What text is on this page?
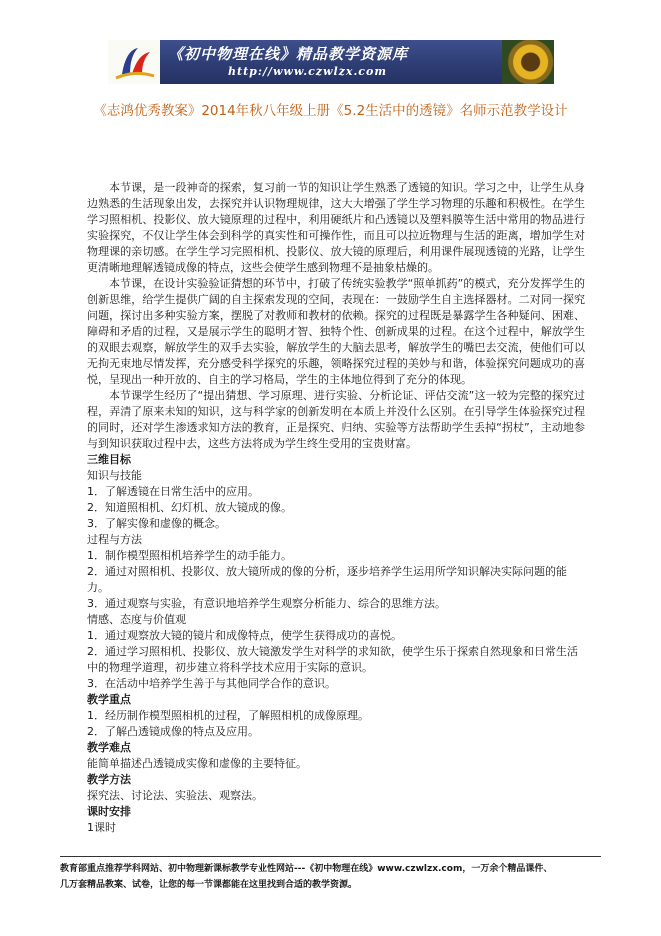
《初中物理在线》精品教学资源库
http://www.czwlzx.com
《志鸿优秀教案》2014年秋八年级上册《5.2生活中的透镜》名师示范教学设计

本节课，是一段神奇的探索，复习前一节的知识让学生熟悉了透镜的知识。学习之中，让学生从身边熟悉的生活现象出发，去探究并认识物理规律，这大大增强了学生学习物理的乐趣和积极性。在学生学习照相机、投影仪、放大镜原理的过程中，利用硬纸片和凸透镜以及塑料膜等生活中常用的物品进行实验探究，不仅让学生体会到科学的真实性和可操作性，而且可以拉近物理与生活的距离，增加学生对物理课的亲切感。在学生学习完照相机、投影仪、放大镜的原理后，利用课件展现透镜的光路，让学生更清晰地理解透镜成像的特点，这些会使学生感到物理不是抽象枯燥的。

本节课，在设计实验验证猜想的环节中，打破了传统实验教学“照单抓药”的模式，充分发挥学生的创新思维，给学生提供广阔的自主探索发现的空间，表现在：一鼓励学生自主选择器材。二对同一探究问题，探讨出多种实验方案，摆脱了对教师和教材的依赖。探究的过程既是暴露学生各种疑问、困难、障碍和矛盾的过程，又是展示学生的聪明才智、独特个性、创新成果的过程。在这个过程中，解放学生的双眼去观察，解放学生的双手去实验，解放学生的大脑去思考，解放学生的嘴巴去交流，使他们可以无拘无束地尽情发挥，充分感受科学探究的乐趣，领略探究过程的美妙与和谐，体验探究问题成功的喜悦，呈现出一种开放的、自主的学习格局，学生的主体地位得到了充分的体现。

本节课学生经历了“提出猜想、学习原理、进行实验、分析论证、评估交流”这一较为完整的探究过程，弄清了原来未知的知识，这与科学家的创新发明在本质上并没什么区别。在引导学生体验探究过程的同时，还对学生渗透求知方法的教育，正是探究、归纳、实验等方法帮助学生丢掉“拐杖”，主动地参与到知识获取过程中去，这些方法将成为学生终生受用的宝贵财富。

三维目标

知识与技能

1．了解透镜在日常生活中的应用。

2．知道照相机、幻灯机、放大镜成的像。

3．了解实像和虚像的概念。

过程与方法

1．制作模型照相机培养学生的动手能力。

2．通过对照相机、投影仪、放大镜所成的像的分析，逐步培养学生运用所学知识解决实际问题的能力。

3．通过观察与实验，有意识地培养学生观察分析能力、综合的思维方法。

情感、态度与价值观

1．通过观察放大镜的镜片和成像特点，使学生获得成功的喜悦。

2．通过学习照相机、投影仪、放大镜激发学生对科学的求知欲，使学生乐于探索自然现象和日常生活中的物理学道理，初步建立将科学技术应用于实际的意识。

3．在活动中培养学生善于与其他同学合作的意识。

教学重点

1．经历制作模型照相机的过程，了解照相机的成像原理。

2．了解凸透镜成像的特点及应用。

教学难点

能简单描述凸透镜成实像和虚像的主要特征。

教学方法

探究法、讨论法、实验法、观察法。

课时安排

1课时

教育部重点推荐学科网站、初中物理新课标教学专业性网站---《初中物理在线》www.czwlzx.com，一万余个精品课件、
几万套精品教案、试卷，让您的每一节课都能在这里找到合适的教学资源。
